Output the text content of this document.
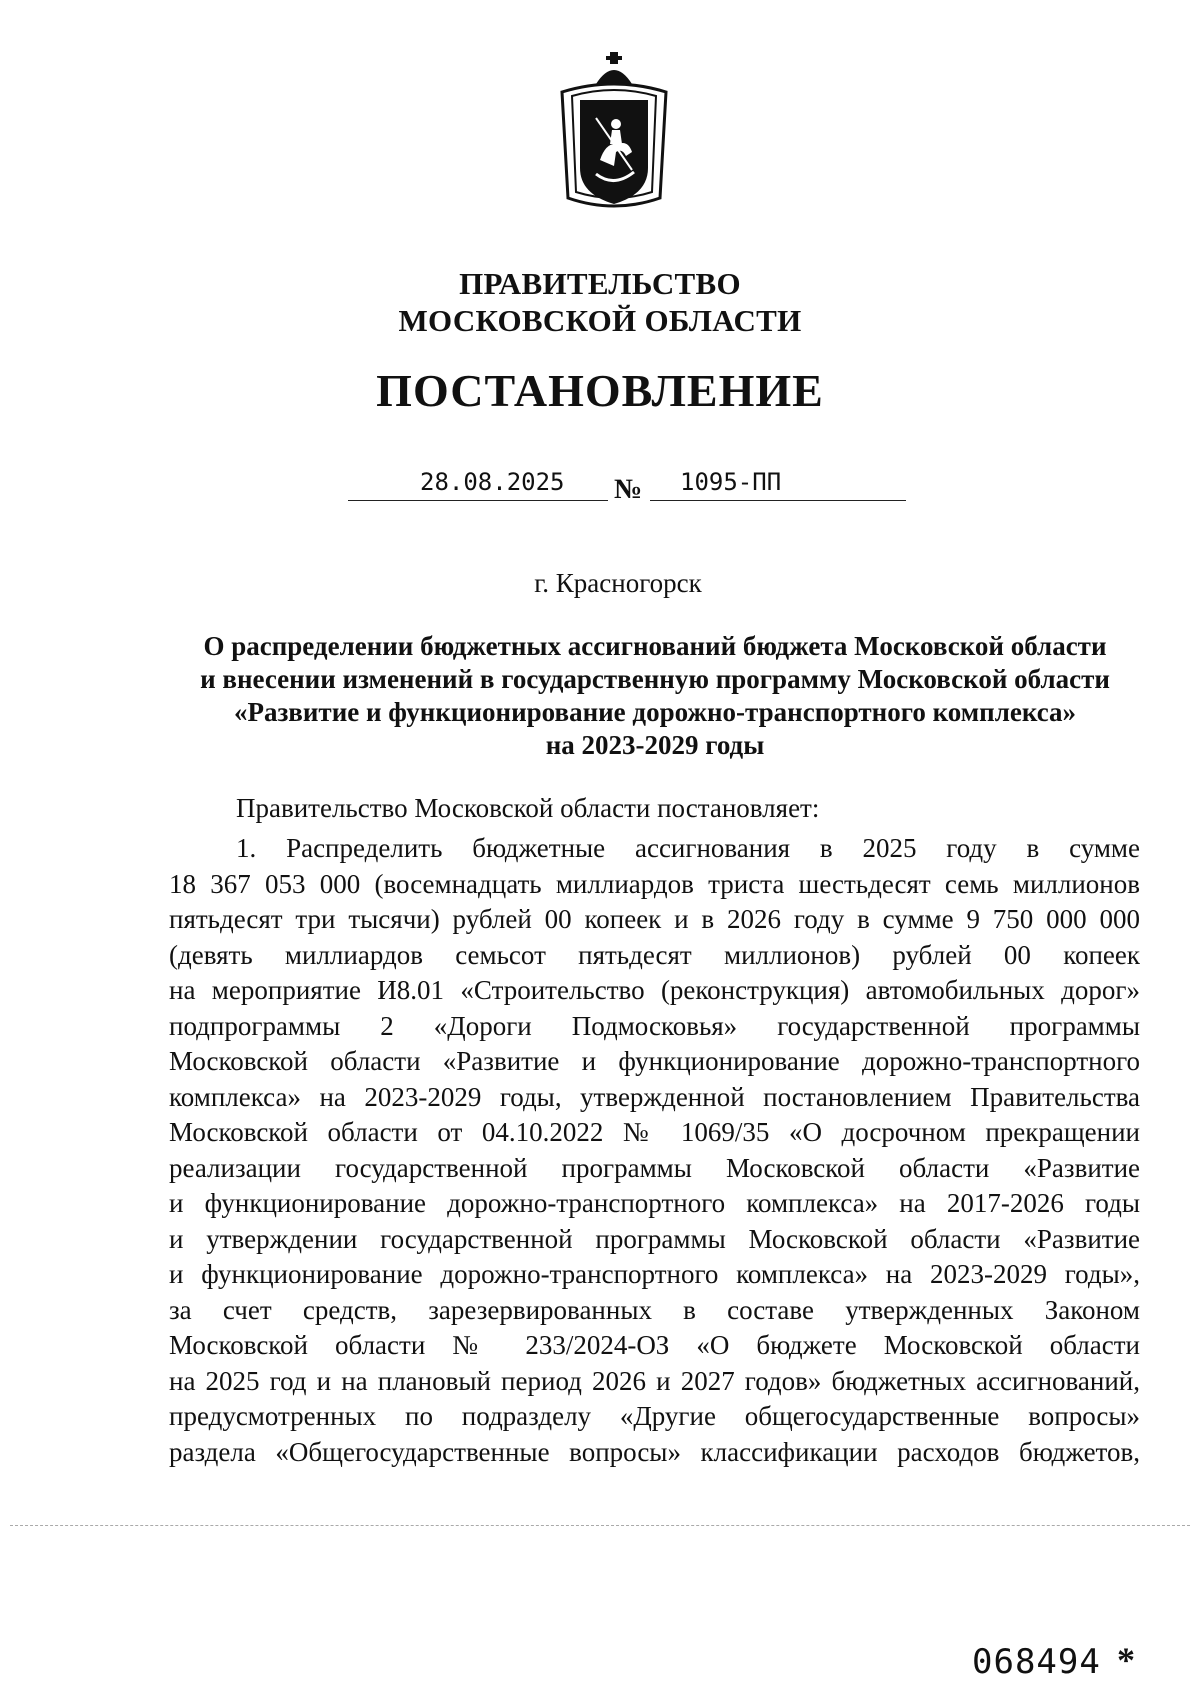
ПРАВИТЕЛЬСТВО
МОСКОВСКОЙ ОБЛАСТИ
ПОСТАНОВЛЕНИЕ
28.08.2025 № 1095-ПП
г. Красногорск
О распределении бюджетных ассигнований бюджета Московской области
и внесении изменений в государственную программу Московской области
«Развитие и функционирование дорожно-транспортного комплекса»
на 2023-2029 годы
Правительство Московской области постановляет:
1. Распределить бюджетные ассигнования в 2025 году в сумме
18 367 053 000 (восемнадцать миллиардов триста шестьдесят семь миллионов
пятьдесят три тысячи) рублей 00 копеек и в 2026 году в сумме 9 750 000 000
(девять миллиардов семьсот пятьдесят миллионов) рублей 00 копеек
на мероприятие И8.01 «Строительство (реконструкция) автомобильных дорог»
подпрограммы 2 «Дороги Подмосковья» государственной программы
Московской области «Развитие и функционирование дорожно-транспортного
комплекса» на 2023-2029 годы, утвержденной постановлением Правительства
Московской области от 04.10.2022 № 1069/35 «О досрочном прекращении
реализации государственной программы Московской области «Развитие
и функционирование дорожно-транспортного комплекса» на 2017-2026 годы
и утверждении государственной программы Московской области «Развитие
и функционирование дорожно-транспортного комплекса» на 2023-2029 годы»,
за счет средств, зарезервированных в составе утвержденных Законом
Московской области № 233/2024-ОЗ «О бюджете Московской области
на 2025 год и на плановый период 2026 и 2027 годов» бюджетных ассигнований,
предусмотренных по подразделу «Другие общегосударственные вопросы»
раздела «Общегосударственные вопросы» классификации расходов бюджетов,
068494 *
